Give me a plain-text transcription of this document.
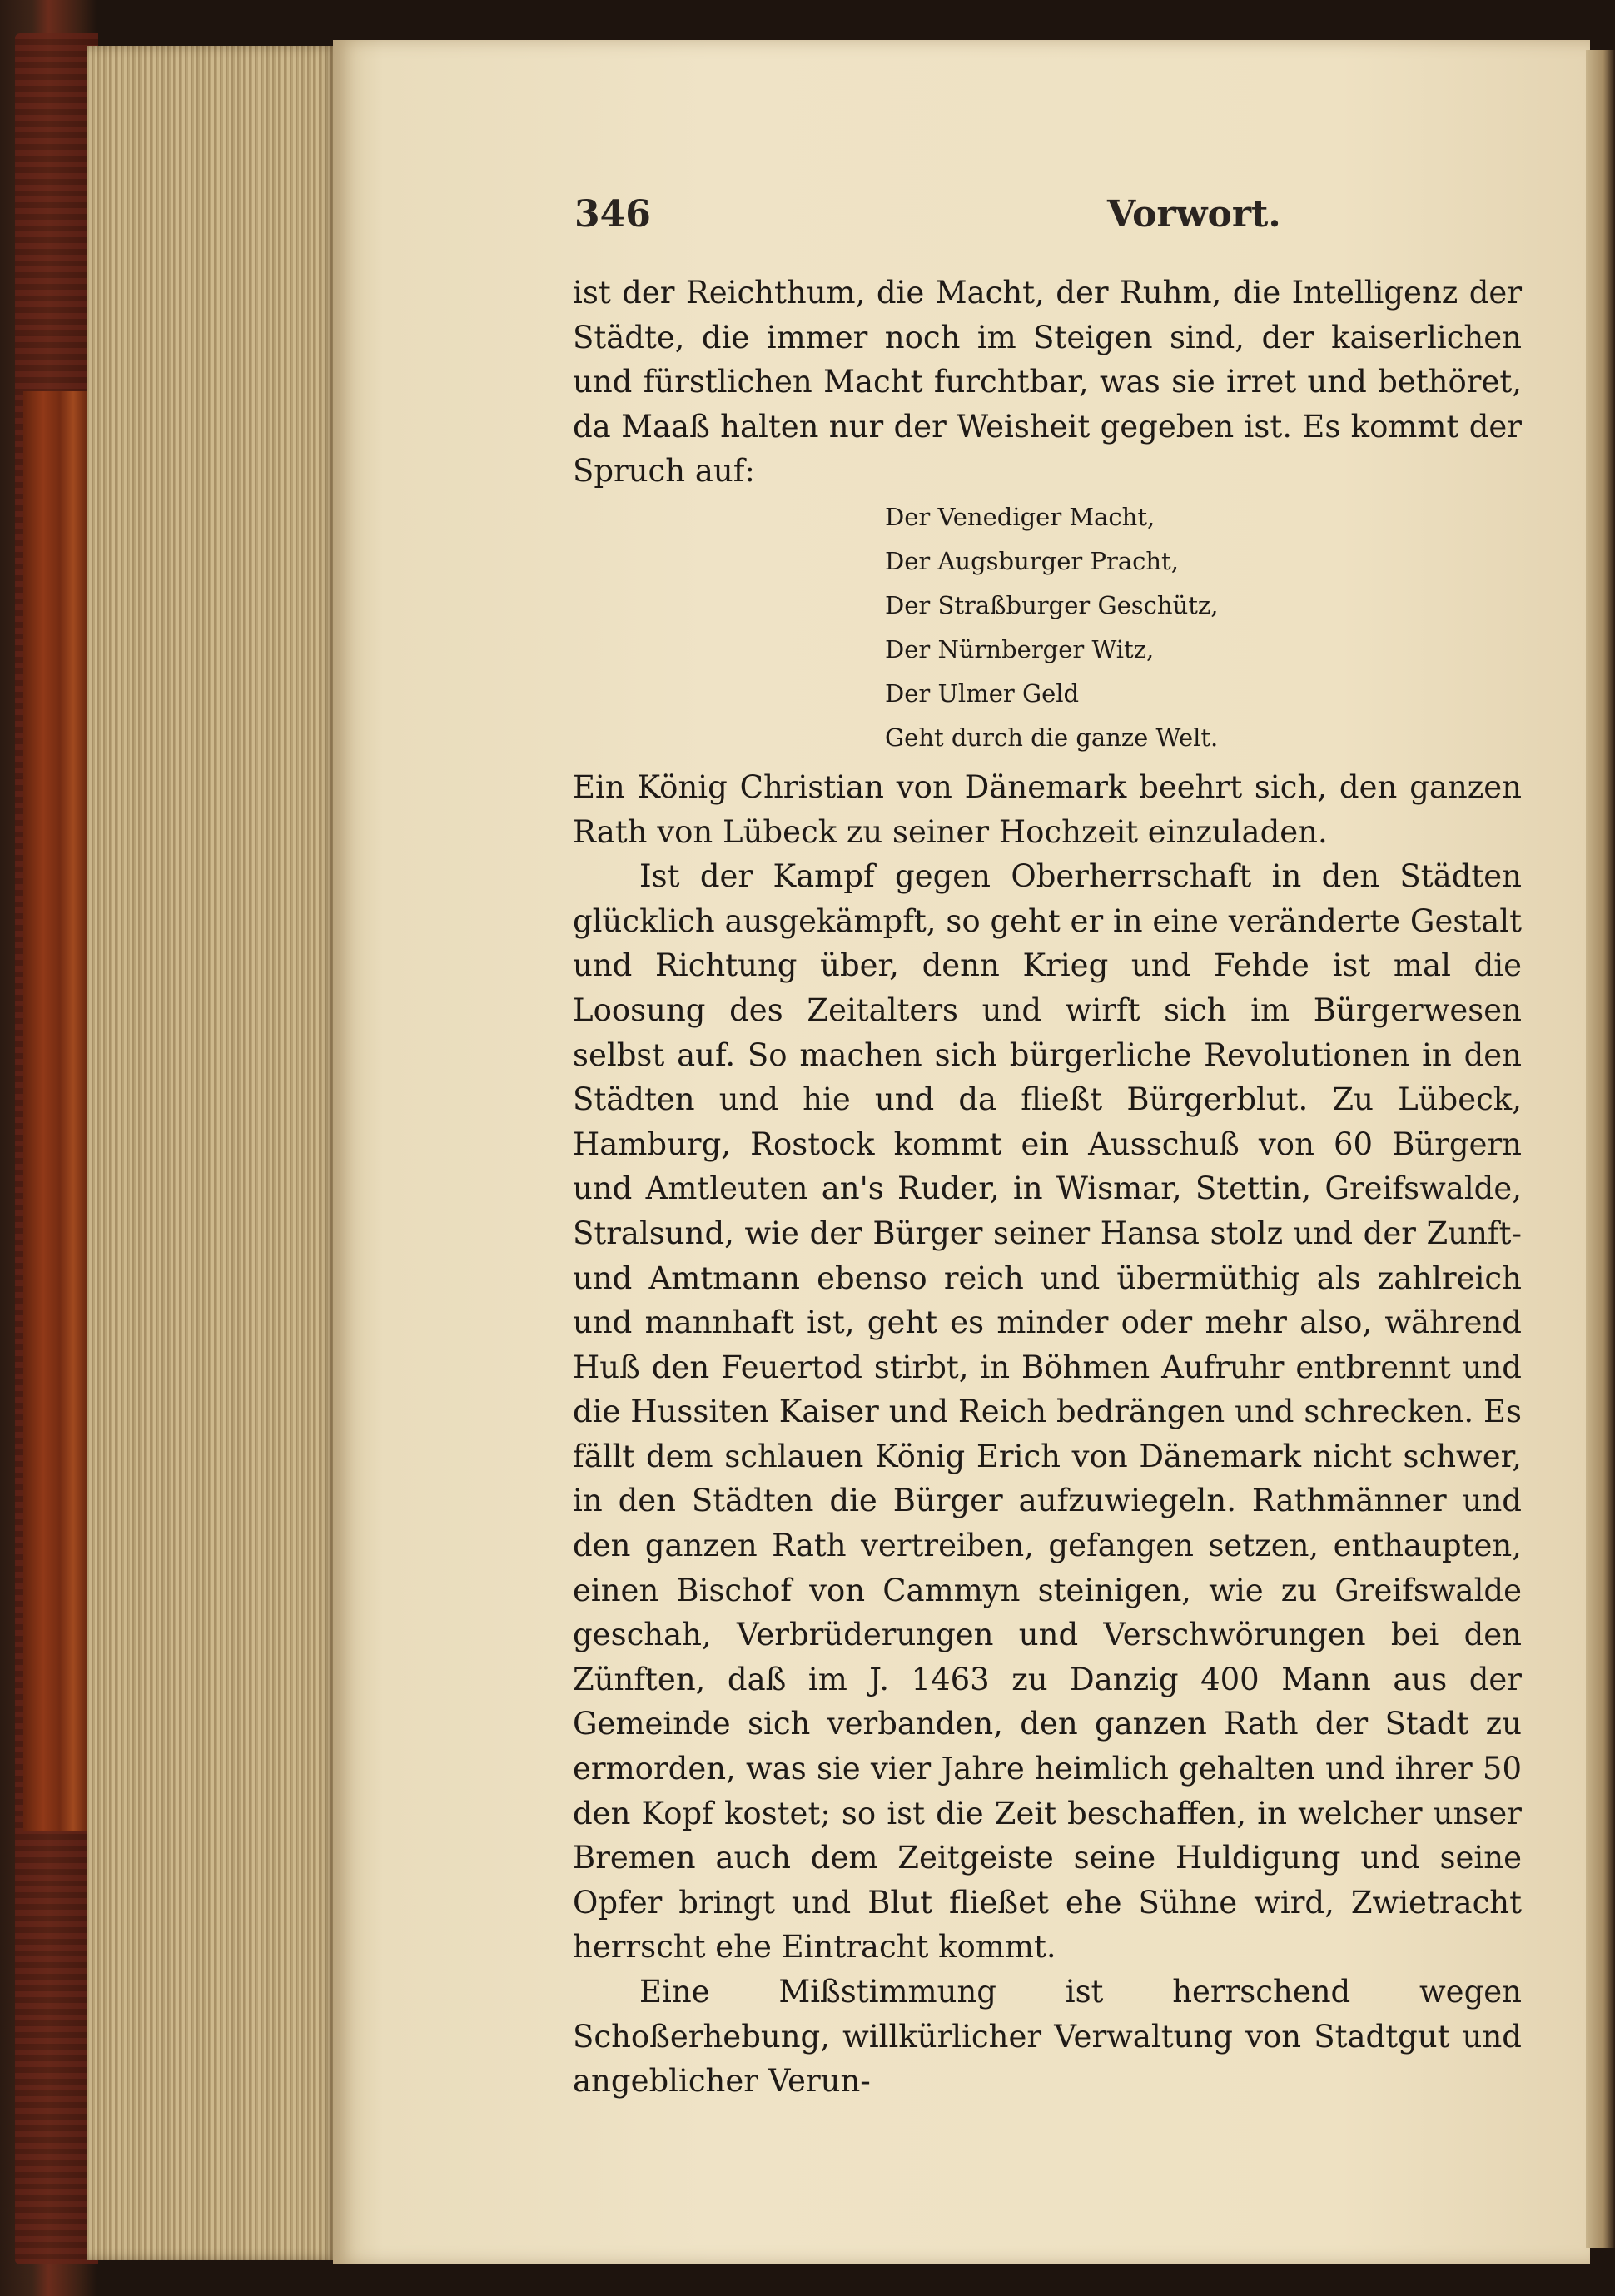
346	Vorwort.

ist der Reichthum, die Macht, der Ruhm, die Intelligenz der Städte, die immer noch im Steigen sind, der kaiserlichen und fürstlichen Macht furchtbar, was sie irret und bethöret, da Maaß halten nur der Weisheit gegeben ist. Es kommt der Spruch auf:

Der Venediger Macht,
Der Augsburger Pracht,
Der Straßburger Geschütz,
Der Nürnberger Witz,
Der Ulmer Geld
Geht durch die ganze Welt.

Ein König Christian von Dänemark beehrt sich, den ganzen Rath von Lübeck zu seiner Hochzeit einzuladen.

Ist der Kampf gegen Oberherrschaft in den Städten glücklich ausgekämpft, so geht er in eine veränderte Gestalt und Richtung über, denn Krieg und Fehde ist mal die Loosung des Zeitalters und wirft sich im Bürgerwesen selbst auf. So machen sich bürgerliche Revolutionen in den Städten und hie und da fließt Bürgerblut. Zu Lübeck, Hamburg, Rostock kommt ein Ausschuß von 60 Bürgern und Amtleuten an's Ruder, in Wismar, Stettin, Greifswalde, Stralsund, wie der Bürger seiner Hansa stolz und der Zunft- und Amtmann ebenso reich und übermüthig als zahlreich und mannhaft ist, geht es minder oder mehr also, während Huß den Feuertod stirbt, in Böhmen Aufruhr entbrennt und die Hussiten Kaiser und Reich bedrängen und schrecken. Es fällt dem schlauen König Erich von Dänemark nicht schwer, in den Städten die Bürger aufzuwiegeln. Rathmänner und den ganzen Rath vertreiben, gefangen setzen, enthaupten, einen Bischof von Cammyn steinigen, wie zu Greifswalde geschah, Verbrüderungen und Verschwörungen bei den Zünften, daß im J. 1463 zu Danzig 400 Mann aus der Gemeinde sich verbanden, den ganzen Rath der Stadt zu ermorden, was sie vier Jahre heimlich gehalten und ihrer 50 den Kopf kostet; so ist die Zeit beschaffen, in welcher unser Bremen auch dem Zeitgeiste seine Huldigung und seine Opfer bringt und Blut fließet ehe Sühne wird, Zwietracht herrscht ehe Eintracht kommt.

Eine Mißstimmung ist herrschend wegen Schoßerhebung, willkürlicher Verwaltung von Stadtgut und angeblicher Verun-
